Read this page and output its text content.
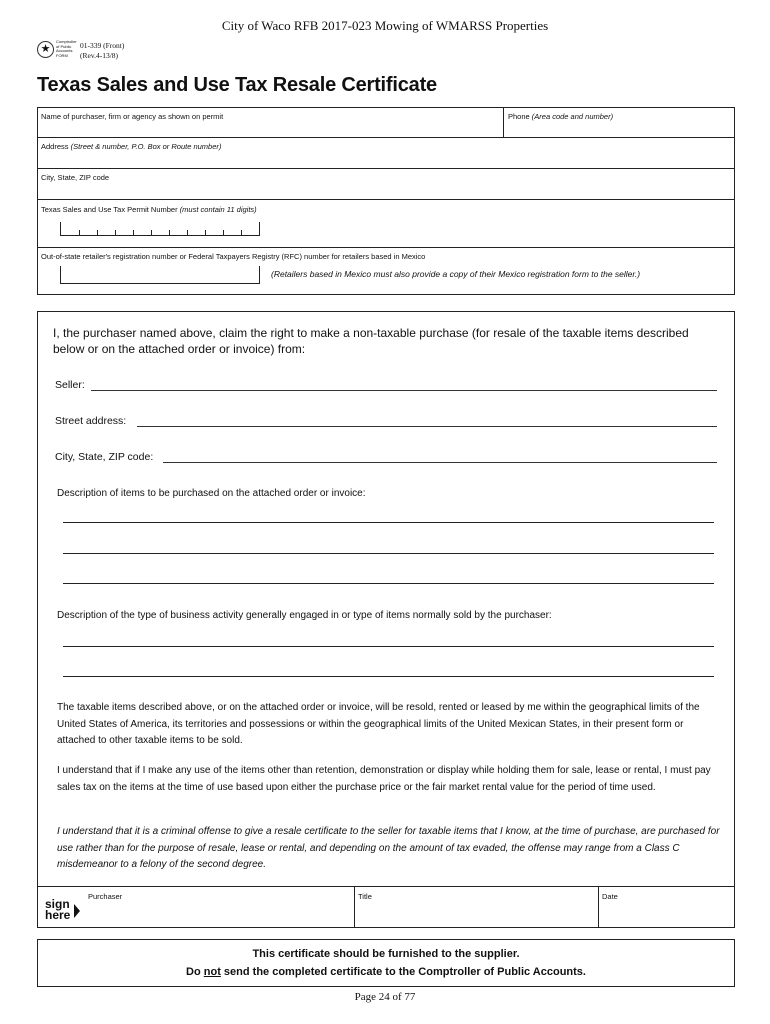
City of Waco RFB 2017-023 Mowing of WMARSS Properties
★
Comptroller of Public Accounts FORM
01-339 (Front)
(Rev.4-13/8)
Texas Sales and Use Tax Resale Certificate
Name of purchaser, firm or agency as shown on permit	Phone (Area code and number)
Address (Street & number, P.O. Box or Route number)
City, State, ZIP code
Texas Sales and Use Tax Permit Number (must contain 11 digits)
Out-of-state retailer's registration number or Federal Taxpayers Registry (RFC) number for retailers based in Mexico
(Retailers based in Mexico must also provide a copy of their Mexico registration form to the seller.)
I, the purchaser named above, claim the right to make a non-taxable purchase (for resale of the taxable items described below or on the attached order or invoice) from:
Seller:
Street address:
City, State, ZIP code:
Description of items to be purchased on the attached order or invoice:
Description of the type of business activity generally engaged in or type of items normally sold by the purchaser:
The taxable items described above, or on the attached order or invoice, will be resold, rented or leased by me within the geographical limits of the United States of America, its territories and possessions or within the geographical limits of the United Mexican States, in their present form or attached to other taxable items to be sold.
I understand that if I make any use of the items other than retention, demonstration or display while holding them for sale, lease or rental, I must pay sales tax on the items at the time of use based upon either the purchase price or the fair market rental value for the period of time used.
I understand that it is a criminal offense to give a resale certificate to the seller for taxable items that I know, at the time of purchase, are purchased for use rather than for the purpose of resale, lease or rental, and depending on the amount of tax evaded, the offense may range from a Class C misdemeanor to a felony of the second degree.
sign
here
Purchaser	Title	Date
This certificate should be furnished to the supplier.
Do not send the completed certificate to the Comptroller of Public Accounts.
Page 24 of 77
